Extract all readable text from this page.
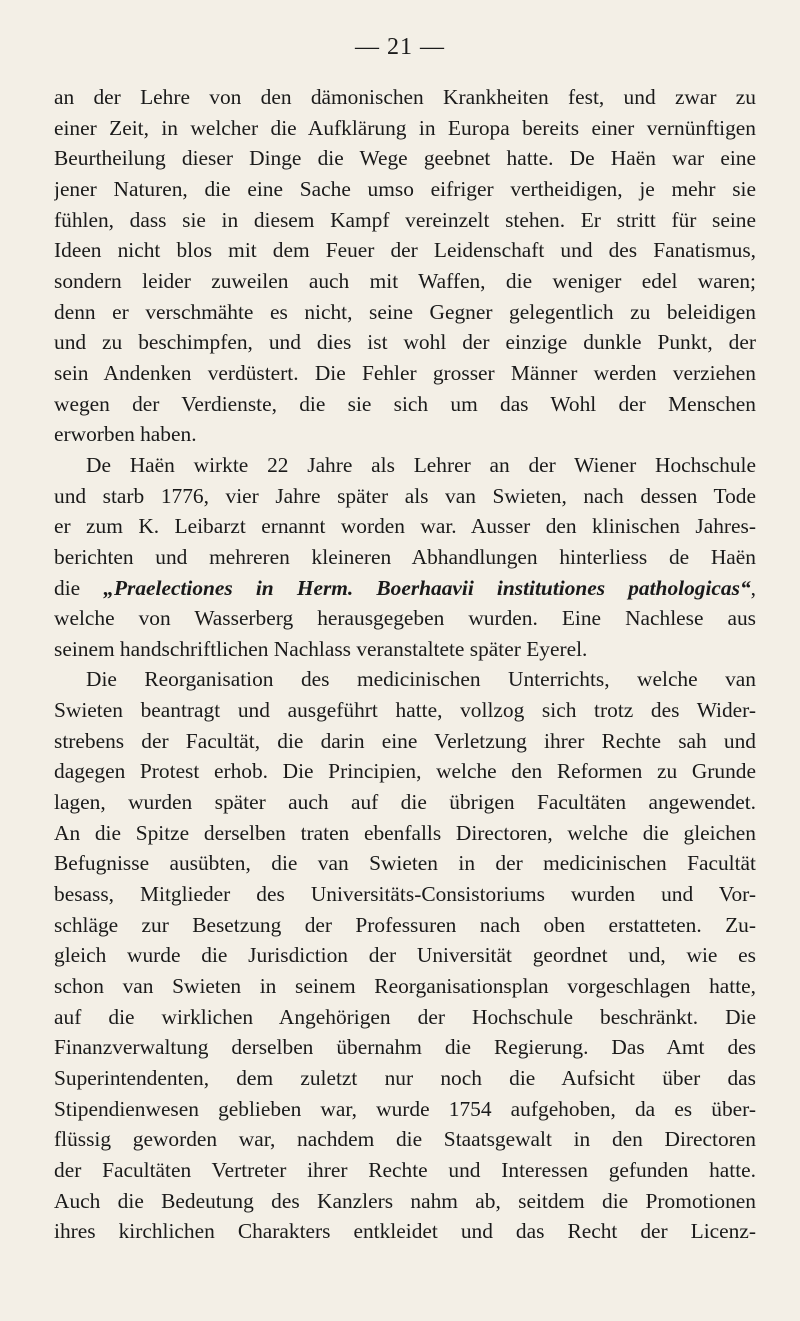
— 21 —
an der Lehre von den dämonischen Krankheiten fest, und zwar zu
einer Zeit, in welcher die Aufklärung in Europa bereits einer vernünftigen
Beurtheilung dieser Dinge die Wege geebnet hatte. De Haën war eine
jener Naturen, die eine Sache umso eifriger vertheidigen, je mehr sie
fühlen, dass sie in diesem Kampf vereinzelt stehen. Er stritt für seine
Ideen nicht blos mit dem Feuer der Leidenschaft und des Fanatismus,
sondern leider zuweilen auch mit Waffen, die weniger edel waren;
denn er verschmähte es nicht, seine Gegner gelegentlich zu beleidigen
und zu beschimpfen, und dies ist wohl der einzige dunkle Punkt, der
sein Andenken verdüstert. Die Fehler grosser Männer werden verziehen
wegen der Verdienste, die sie sich um das Wohl der Menschen
erworben haben.
De Haën wirkte 22 Jahre als Lehrer an der Wiener Hochschule
und starb 1776, vier Jahre später als van Swieten, nach dessen Tode
er zum K. Leibarzt ernannt worden war. Ausser den klinischen Jahres-
berichten und mehreren kleineren Abhandlungen hinterliess de Haën
die „Praelectiones in Herm. Boerhaavii institutiones pathologicas“,
welche von Wasserberg herausgegeben wurden. Eine Nachlese aus
seinem handschriftlichen Nachlass veranstaltete später Eyerel.
Die Reorganisation des medicinischen Unterrichts, welche van
Swieten beantragt und ausgeführt hatte, vollzog sich trotz des Wider-
strebens der Facultät, die darin eine Verletzung ihrer Rechte sah und
dagegen Protest erhob. Die Principien, welche den Reformen zu Grunde
lagen, wurden später auch auf die übrigen Facultäten angewendet.
An die Spitze derselben traten ebenfalls Directoren, welche die gleichen
Befugnisse ausübten, die van Swieten in der medicinischen Facultät
besass, Mitglieder des Universitäts-Consistoriums wurden und Vor-
schläge zur Besetzung der Professuren nach oben erstatteten. Zu-
gleich wurde die Jurisdiction der Universität geordnet und, wie es
schon van Swieten in seinem Reorganisationsplan vorgeschlagen hatte,
auf die wirklichen Angehörigen der Hochschule beschränkt. Die
Finanzverwaltung derselben übernahm die Regierung. Das Amt des
Superintendenten, dem zuletzt nur noch die Aufsicht über das
Stipendienwesen geblieben war, wurde 1754 aufgehoben, da es über-
flüssig geworden war, nachdem die Staatsgewalt in den Directoren
der Facultäten Vertreter ihrer Rechte und Interessen gefunden hatte.
Auch die Bedeutung des Kanzlers nahm ab, seitdem die Promotionen
ihres kirchlichen Charakters entkleidet und das Recht der Licenz-
